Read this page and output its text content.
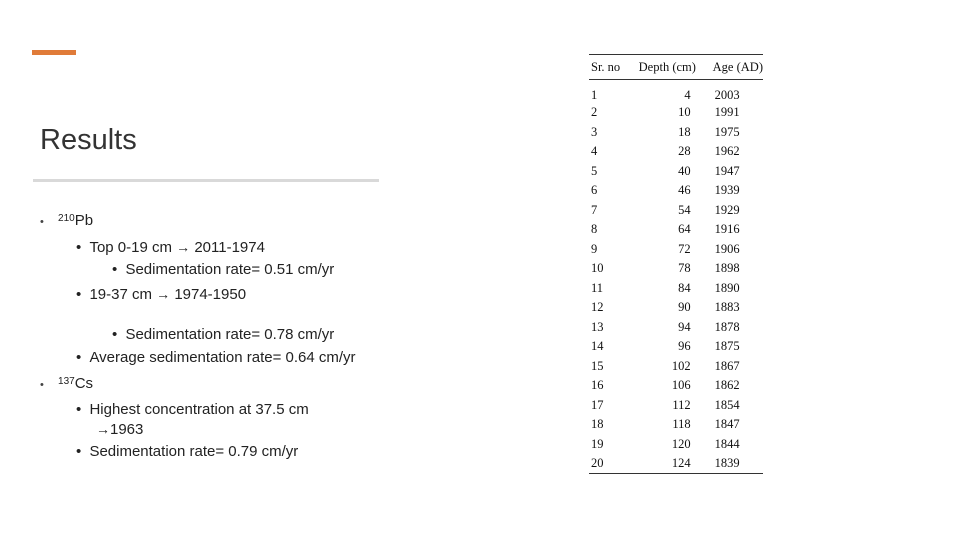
Results
• $^{210}$Pb
• Top 0-19 cm → 2011-1974
• Sedimentation rate= 0.51 cm/yr
• 19-37 cm → 1974-1950
• Sedimentation rate= 0.78 cm/yr
• Average sedimentation rate= 0.64 cm/yr
• $^{137}$Cs
• Highest concentration at 37.5 cm
→1963
• Sedimentation rate= 0.79 cm/yr
Sr. no	Depth (cm)	Age (AD)
1	4	2003
2	10	1991
3	18	1975
4	28	1962
5	40	1947
6	46	1939
7	54	1929
8	64	1916
9	72	1906
10	78	1898
11	84	1890
12	90	1883
13	94	1878
14	96	1875
15	102	1867
16	106	1862
17	112	1854
18	118	1847
19	120	1844
20	124	1839
